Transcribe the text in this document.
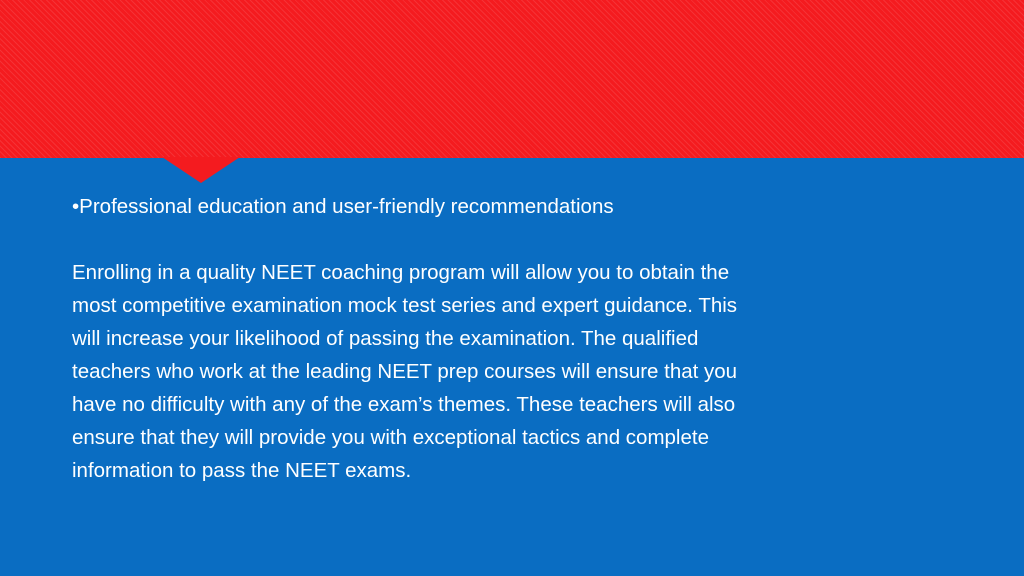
•Professional education and user-friendly recommendations

Enrolling in a quality NEET coaching program will allow you to obtain the

most competitive examination mock test series and expert guidance. This

will increase your likelihood of passing the examination. The qualified

teachers who work at the leading NEET prep courses will ensure that you

have no difficulty with any of the exam’s themes. These teachers will also

ensure that they will provide you with exceptional tactics and complete

information to pass the NEET exams.
